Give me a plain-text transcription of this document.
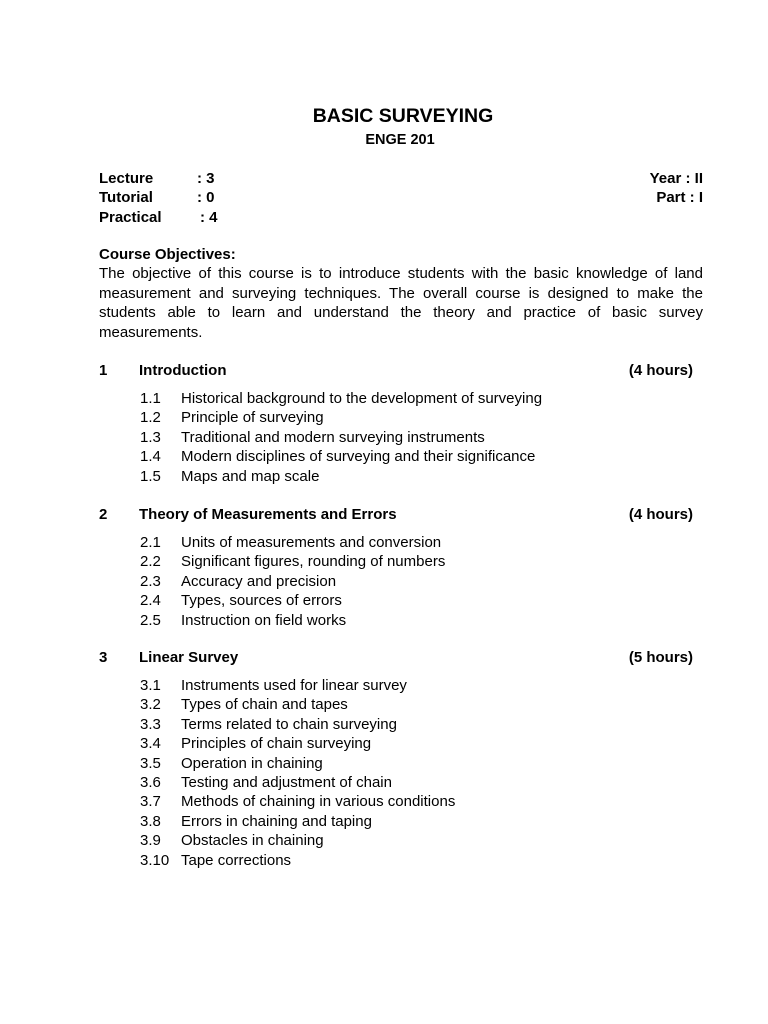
BASIC SURVEYING
ENGE 201
Lecture	: 3
Tutorial	: 0
Practical	: 4
Year : II
Part : I
Course Objectives:
The objective of this course is to introduce students with the basic knowledge of land
measurement and surveying techniques. The overall course is designed to make the
students able to learn and understand the theory and practice of basic survey
measurements.
1 Introduction	(4 hours)
1.1 Historical background to the development of surveying
1.2 Principle of surveying
1.3 Traditional and modern surveying instruments
1.4 Modern disciplines of surveying and their significance
1.5 Maps and map scale
2 Theory of Measurements and Errors	(4 hours)
2.1 Units of measurements and conversion
2.2 Significant figures, rounding of numbers
2.3 Accuracy and precision
2.4 Types, sources of errors
2.5 Instruction on field works
3 Linear Survey	(5 hours)
3.1 Instruments used for linear survey
3.2 Types of chain and tapes
3.3 Terms related to chain surveying
3.4 Principles of chain surveying
3.5 Operation in chaining
3.6 Testing and adjustment of chain
3.7 Methods of chaining in various conditions
3.8 Errors in chaining and taping
3.9 Obstacles in chaining
3.10 Tape corrections
